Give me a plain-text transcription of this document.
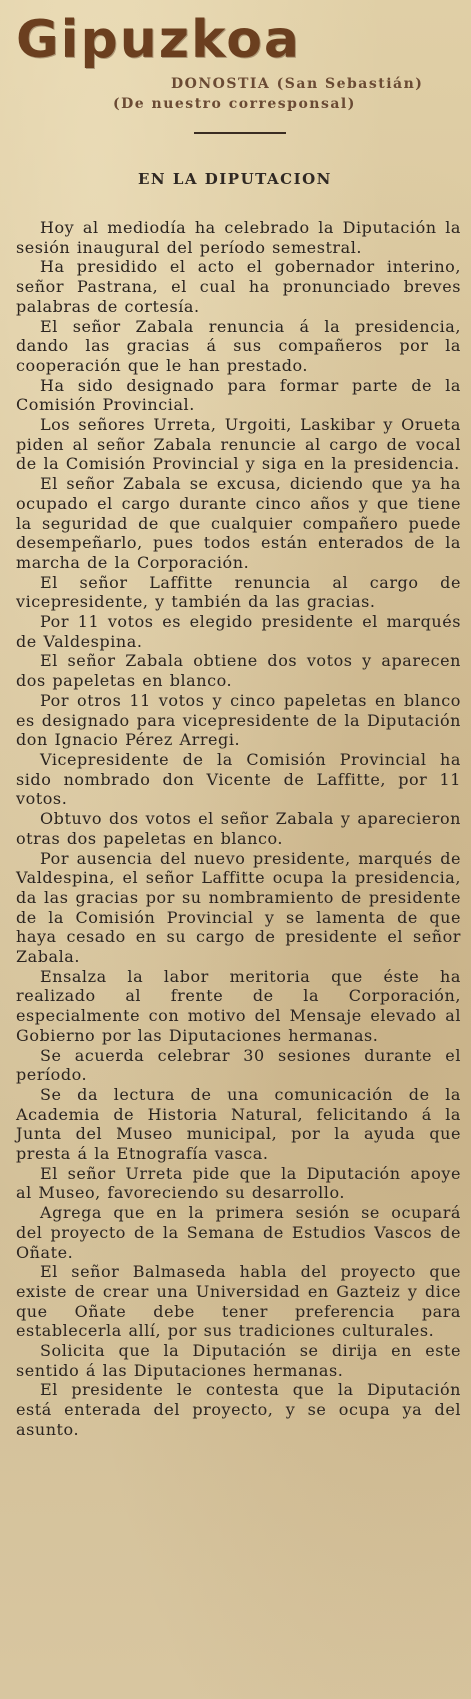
Gipuzkoa
DONOSTIA (San Sebastián)
(De nuestro corresponsal)
EN LA DIPUTACION

Hoy al mediodía ha celebrado la Diputación la sesión inaugural del período semestral.

Ha presidido el acto el gobernador interino, señor Pastrana, el cual ha pronunciado breves palabras de cortesía.

El señor Zabala renuncia á la presidencia, dando las gracias á sus compañeros por la cooperación que le han prestado.

Ha sido designado para formar parte de la Comisión Provincial.

Los señores Urreta, Urgoiti, Laskibar y Orueta piden al señor Zabala renuncie al cargo de vocal de la Comisión Provincial y siga en la presidencia.

El señor Zabala se excusa, diciendo que ya ha ocupado el cargo durante cinco años y que tiene la seguridad de que cualquier compañero puede desempeñarlo, pues todos están enterados de la marcha de la Corporación.

El señor Laffitte renuncia al cargo de vicepresidente, y también da las gracias.

Por 11 votos es elegido presidente el marqués de Valdespina.

El señor Zabala obtiene dos votos y aparecen dos papeletas en blanco.

Por otros 11 votos y cinco papeletas en blanco es designado para vicepresidente de la Diputación don Ignacio Pérez Arregi.

Vicepresidente de la Comisión Provincial ha sido nombrado don Vicente de Laffitte, por 11 votos.

Obtuvo dos votos el señor Zabala y aparecieron otras dos papeletas en blanco.

Por ausencia del nuevo presidente, marqués de Valdespina, el señor Laffitte ocupa la presidencia, da las gracias por su nombramiento de presidente de la Comisión Provincial y se lamenta de que haya cesado en su cargo de presidente el señor Zabala.

Ensalza la labor meritoria que éste ha realizado al frente de la Corporación, especialmente con motivo del Mensaje elevado al Gobierno por las Diputaciones hermanas.

Se acuerda celebrar 30 sesiones durante el período.

Se da lectura de una comunicación de la Academia de Historia Natural, felicitando á la Junta del Museo municipal, por la ayuda que presta á la Etnografía vasca.

El señor Urreta pide que la Diputación apoye al Museo, favoreciendo su desarrollo.

Agrega que en la primera sesión se ocupará del proyecto de la Semana de Estudios Vascos de Oñate.

El señor Balmaseda habla del proyecto que existe de crear una Universidad en Gazteiz y dice que Oñate debe tener preferencia para establecerla allí, por sus tradiciones culturales.

Solicita que la Diputación se dirija en este sentido á las Diputaciones hermanas.

El presidente le contesta que la Diputación está enterada del proyecto, y se ocupa ya del asunto.
